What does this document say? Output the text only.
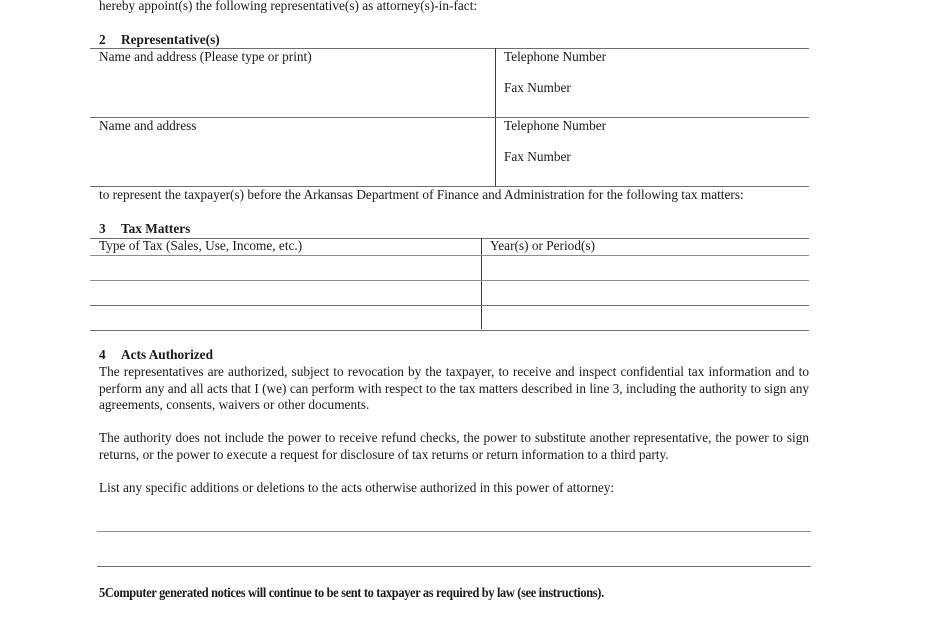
hereby appoint(s) the following representative(s) as attorney(s)-in-fact:
2 Representative(s)
Name and address (Please type or print)	Telephone Number
Fax Number
Name and address	Telephone Number
Fax Number
to represent the taxpayer(s) before the Arkansas Department of Finance and Administration for the following tax matters:
3 Tax Matters
Type of Tax (Sales, Use, Income, etc.)	Year(s) or Period(s)
4 Acts Authorized
The representatives are authorized, subject to revocation by the taxpayer, to receive and inspect confidential tax information and to perform any and all acts that I (we) can perform with respect to the tax matters described in line 3, including the authority to sign any agreements, consents, waivers or other documents.
The authority does not include the power to receive refund checks, the power to substitute another representative, the power to sign returns, or the power to execute a request for disclosure of tax returns or return information to a third party.
List any specific additions or deletions to the acts otherwise authorized in this power of attorney:
5Computer generated notices will continue to be sent to taxpayer as required by law (see instructions).
